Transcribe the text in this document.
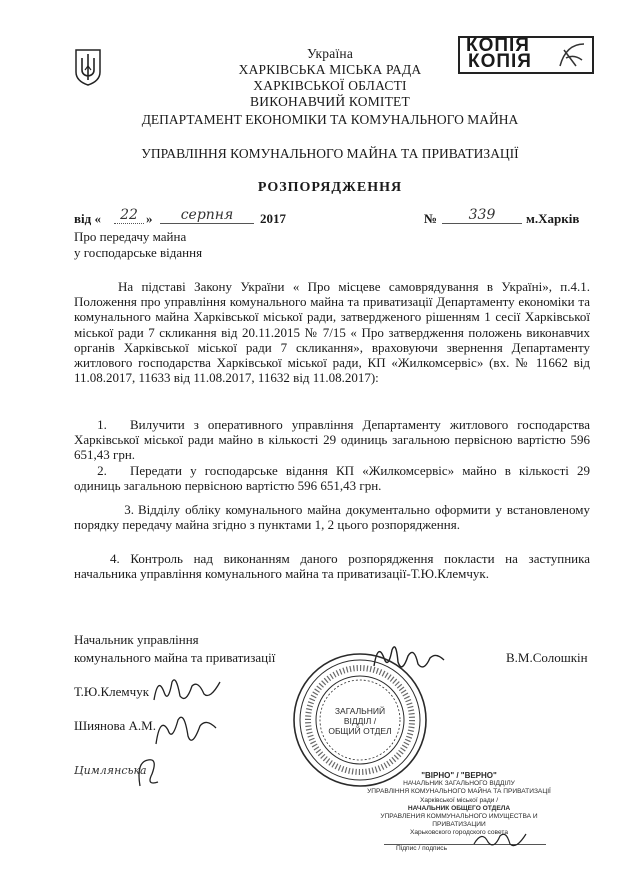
КОПІЯ
КОПІЯ
Україна
ХАРКІВСЬКА МІСЬКА РАДА
ХАРКІВСЬКОЇ ОБЛАСТІ
ВИКОНАВЧИЙ КОМІТЕТ
ДЕПАРТАМЕНТ ЕКОНОМІКИ ТА КОМУНАЛЬНОГО МАЙНА
УПРАВЛІННЯ КОМУНАЛЬНОГО МАЙНА ТА ПРИВАТИЗАЦІЇ
РОЗПОРЯДЖЕННЯ
від «	22 »	серпня	2017	№	339	м.Харків
Про передачу майна
у господарське відання
На підставі Закону України « Про місцеве самоврядування в Україні», п.4.1. Положення про управління комунального майна та приватизації Департаменту економіки та комунального майна Харківської міської ради, затвердженого рішенням 1 сесії Харківської міської ради 7 скликання від 20.11.2015 № 7/15 « Про затвердження положень виконавчих органів Харківської міської ради 7 скликання», враховуючи звернення Департаменту житлового господарства Харківської міської ради, КП «Жилкомсервіс» (вх. № 11662 від 11.08.2017, 11633 від 11.08.2017, 11632 від 11.08.2017):
1. Вилучити з оперативного управління Департаменту житлового господарства Харківської міської ради майно в кількості 29 одиниць загальною первісною вартістю 596 651,43 грн.
2. Передати у господарське відання КП «Жилкомсервіс» майно в кількості 29 одиниць загальною первісною вартістю 596 651,43 грн.
3. Відділу обліку комунального майна документально оформити у встановленому порядку передачу майна згідно з пунктами 1, 2 цього розпорядження.
4. Контроль над виконанням даного розпорядження покласти на заступника начальника управління комунального майна та приватизації-Т.Ю.Клемчук.
Начальник управління
комунального майна та приватизації	В.М.Солошкін
Т.Ю.Клемчук
Шиянова А.М.
Цимлянська
ЗАГАЛЬНИЙ
ВІДДІЛ /
ОБЩИЙ ОТДЕЛ
"ВІРНО" / "ВЕРНО"
НАЧАЛЬНИК ЗАГАЛЬНОГО ВІДДІЛУ
УПРАВЛІННЯ КОМУНАЛЬНОГО МАЙНА ТА ПРИВАТИЗАЦІЇ
Харківської міської ради /
НАЧАЛЬНИК ОБЩЕГО ОТДЕЛА
УПРАВЛЕНИЯ КОММУНАЛЬНОГО ИМУЩЕСТВА И ПРИВАТИЗАЦИИ
Харьковского городского совета
Підпис / подпись
